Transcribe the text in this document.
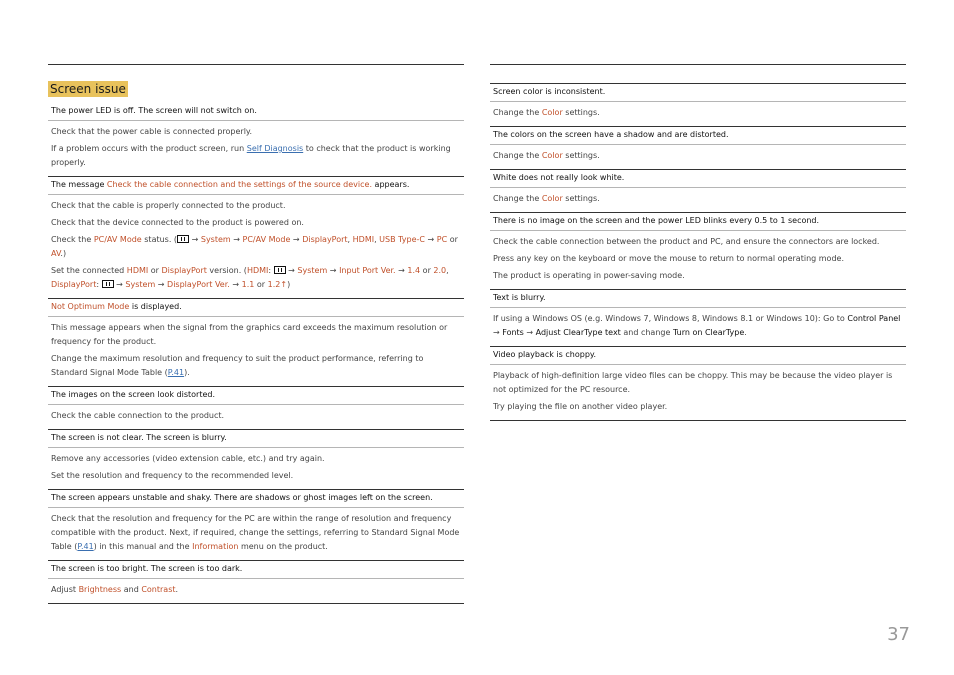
Screen issue
The power LED is off. The screen will not switch on.

Check that the power cable is connected properly.

If a problem occurs with the product screen, run Self Diagnosis to check that the product is working properly.

The message Check the cable connection and the settings of the source device. appears.

Check that the cable is properly connected to the product.

Check that the device connected to the product is powered on.

Check the PC/AV Mode status. ( → System → PC/AV Mode → DisplayPort, HDMI, USB Type-C → PC or AV.)

Set the connected HDMI or DisplayPort version. (HDMI:  → System → Input Port Ver. → 1.4 or 2.0, DisplayPort:  → System → DisplayPort Ver. → 1.1 or 1.2↑)

Not Optimum Mode is displayed.

This message appears when the signal from the graphics card exceeds the maximum resolution or frequency for the product.

Change the maximum resolution and frequency to suit the product performance, referring to Standard Signal Mode Table (P.41).

The images on the screen look distorted.

Check the cable connection to the product.

The screen is not clear. The screen is blurry.

Remove any accessories (video extension cable, etc.) and try again.

Set the resolution and frequency to the recommended level.

The screen appears unstable and shaky. There are shadows or ghost images left on the screen.

Check that the resolution and frequency for the PC are within the range of resolution and frequency compatible with the product. Next, if required, change the settings, referring to Standard Signal Mode Table (P.41) in this manual and the Information menu on the product.

The screen is too bright. The screen is too dark.

Adjust Brightness and Contrast.

Screen color is inconsistent.

Change the Color settings.

The colors on the screen have a shadow and are distorted.

Change the Color settings.

White does not really look white.

Change the Color settings.

There is no image on the screen and the power LED blinks every 0.5 to 1 second.

Check the cable connection between the product and PC, and ensure the connectors are locked.

Press any key on the keyboard or move the mouse to return to normal operating mode.

The product is operating in power-saving mode.

Text is blurry.

If using a Windows OS (e.g. Windows 7, Windows 8, Windows 8.1 or Windows 10): Go to Control Panel → Fonts → Adjust ClearType text and change Turn on ClearType.

Video playback is choppy.

Playback of high-definition large video files can be choppy. This may be because the video player is not optimized for the PC resource.

Try playing the file on another video player.

37
